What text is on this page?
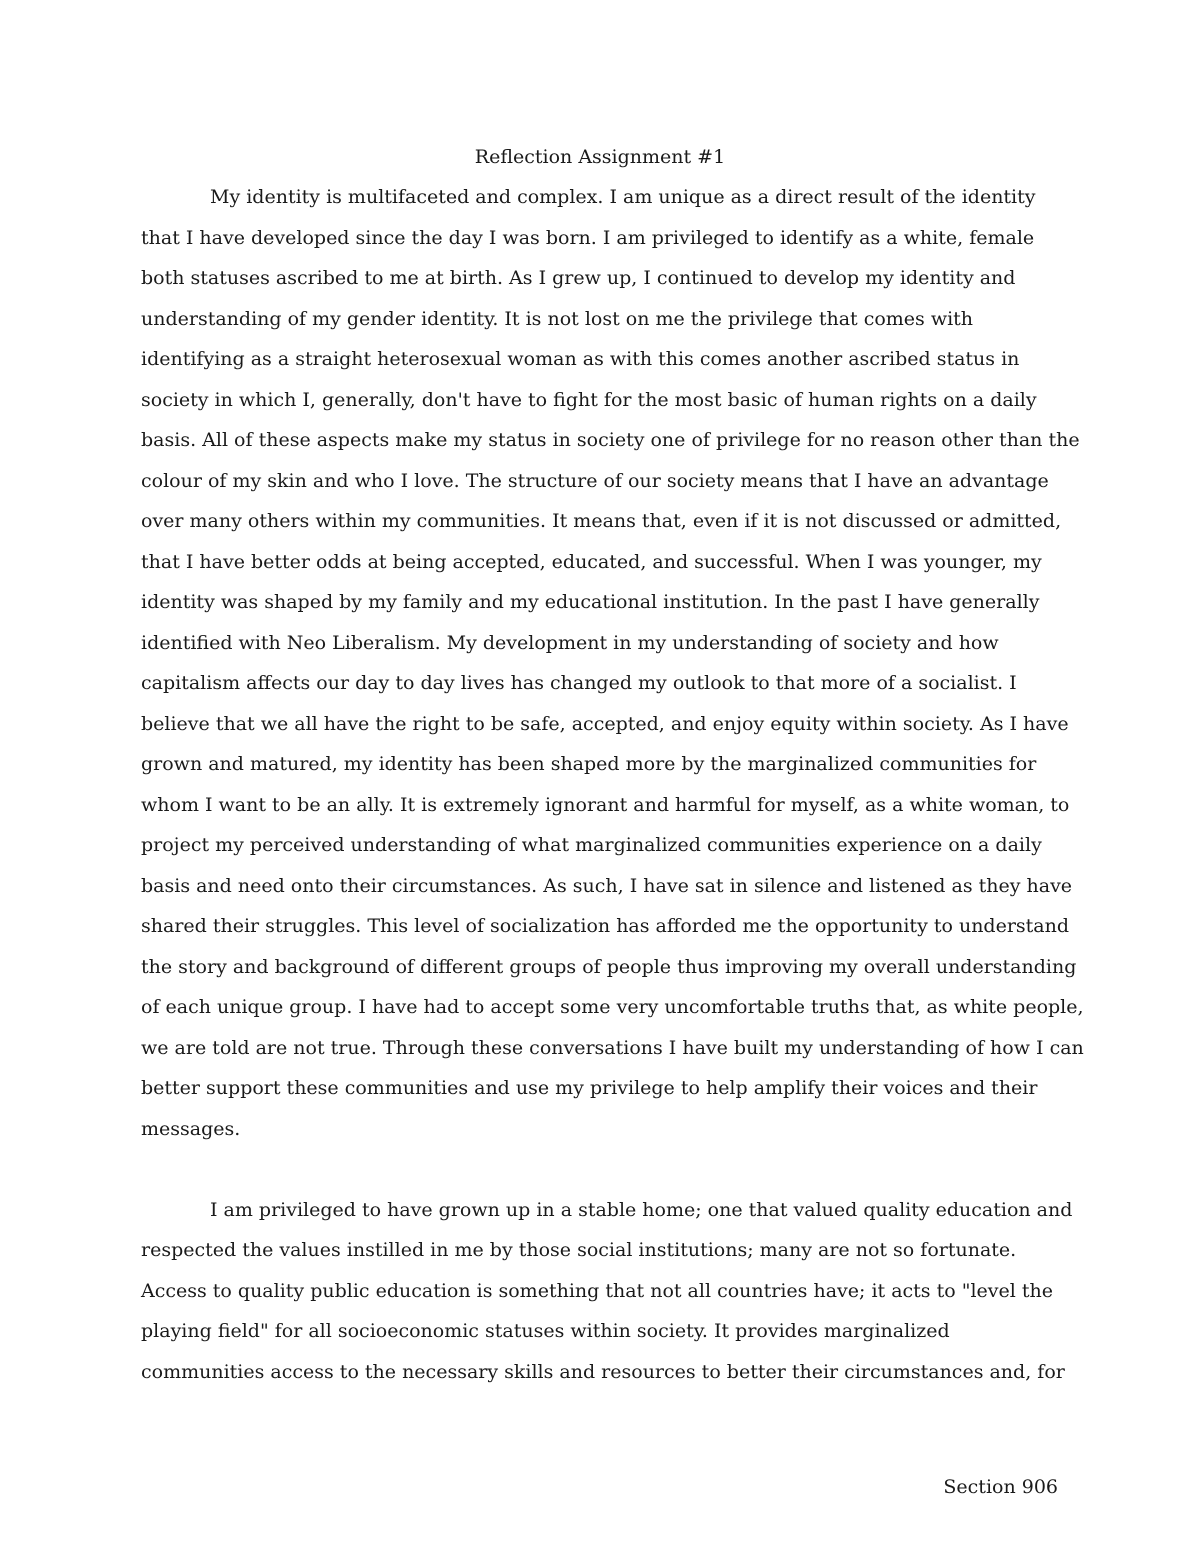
Reflection Assignment #1
My identity is multifaceted and complex. I am unique as a direct result of the identity
that I have developed since the day I was born. I am privileged to identify as a white, female
both statuses ascribed to me at birth. As I grew up, I continued to develop my identity and
understanding of my gender identity. It is not lost on me the privilege that comes with
identifying as a straight heterosexual woman as with this comes another ascribed status in
society in which I, generally, don't have to fight for the most basic of human rights on a daily
basis. All of these aspects make my status in society one of privilege for no reason other than the
colour of my skin and who I love. The structure of our society means that I have an advantage
over many others within my communities. It means that, even if it is not discussed or admitted,
that I have better odds at being accepted, educated, and successful. When I was younger, my
identity was shaped by my family and my educational institution. In the past I have generally
identified with Neo Liberalism. My development in my understanding of society and how
capitalism affects our day to day lives has changed my outlook to that more of a socialist. I
believe that we all have the right to be safe, accepted, and enjoy equity within society. As I have
grown and matured, my identity has been shaped more by the marginalized communities for
whom I want to be an ally. It is extremely ignorant and harmful for myself, as a white woman, to
project my perceived understanding of what marginalized communities experience on a daily
basis and need onto their circumstances. As such, I have sat in silence and listened as they have
shared their struggles. This level of socialization has afforded me the opportunity to understand
the story and background of different groups of people thus improving my overall understanding
of each unique group. I have had to accept some very uncomfortable truths that, as white people,
we are told are not true. Through these conversations I have built my understanding of how I can
better support these communities and use my privilege to help amplify their voices and their
messages.
I am privileged to have grown up in a stable home; one that valued quality education and
respected the values instilled in me by those social institutions; many are not so fortunate.
Access to quality public education is something that not all countries have; it acts to "level the
playing field" for all socioeconomic statuses within society. It provides marginalized
communities access to the necessary skills and resources to better their circumstances and, for
Section 906
